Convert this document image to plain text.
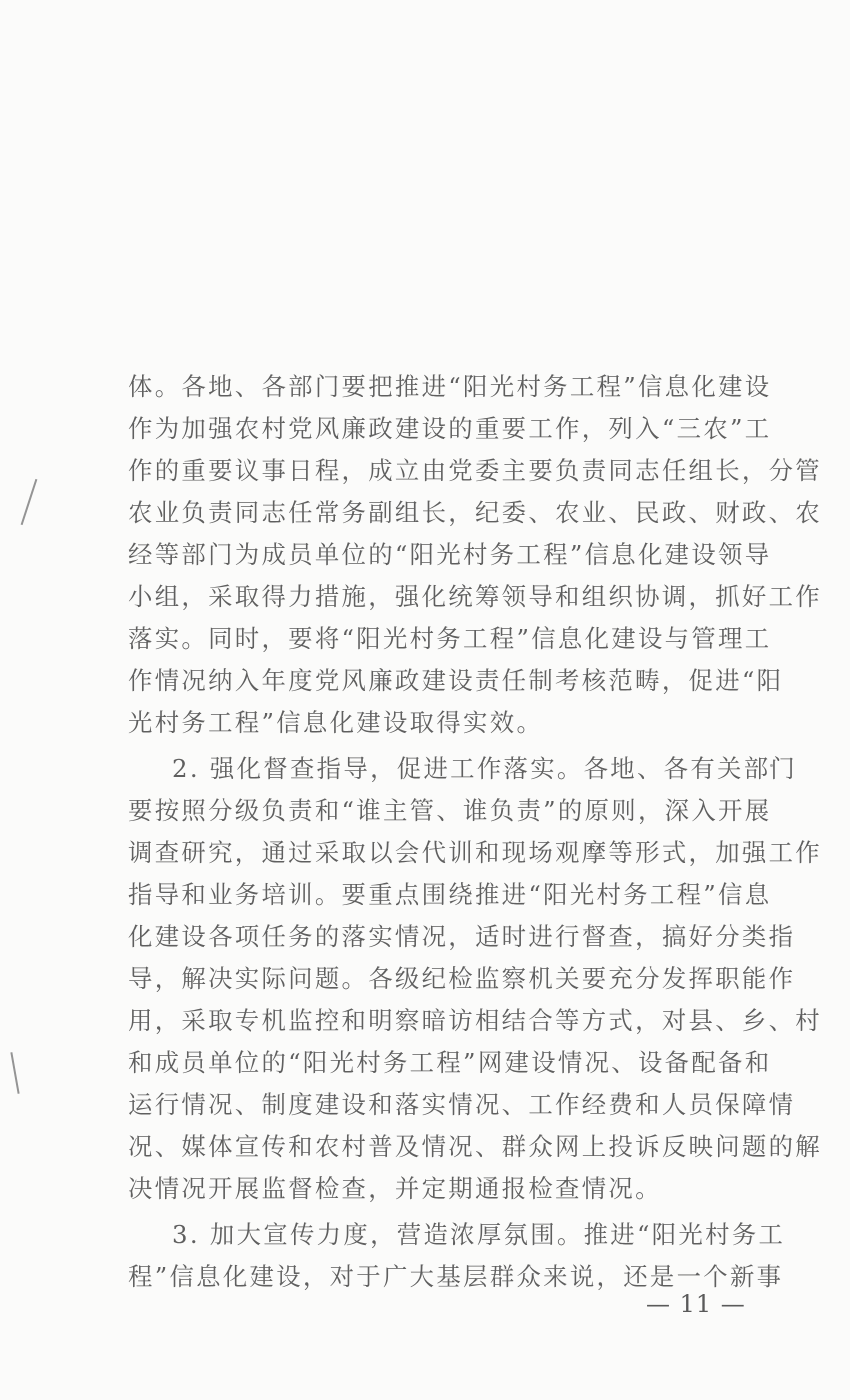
体。各地、各部门要把推进“阳光村务工程”信息化建设
作为加强农村党风廉政建设的重要工作，列入“三农”工
作的重要议事日程，成立由党委主要负责同志任组长，分管
农业负责同志任常务副组长，纪委、农业、民政、财政、农
经等部门为成员单位的“阳光村务工程”信息化建设领导
小组，采取得力措施，强化统筹领导和组织协调，抓好工作
落实。同时，要将“阳光村务工程”信息化建设与管理工
作情况纳入年度党风廉政建设责任制考核范畴，促进“阳
光村务工程”信息化建设取得实效。
2. 强化督查指导，促进工作落实。各地、各有关部门
要按照分级负责和“谁主管、谁负责”的原则，深入开展
调查研究，通过采取以会代训和现场观摩等形式，加强工作
指导和业务培训。要重点围绕推进“阳光村务工程”信息
化建设各项任务的落实情况，适时进行督查，搞好分类指
导，解决实际问题。各级纪检监察机关要充分发挥职能作
用，采取专机监控和明察暗访相结合等方式，对县、乡、村
和成员单位的“阳光村务工程”网建设情况、设备配备和
运行情况、制度建设和落实情况、工作经费和人员保障情
况、媒体宣传和农村普及情况、群众网上投诉反映问题的解
决情况开展监督检查，并定期通报检查情况。
3. 加大宣传力度，营造浓厚氛围。推进“阳光村务工
程”信息化建设，对于广大基层群众来说，还是一个新事
— 11 —
